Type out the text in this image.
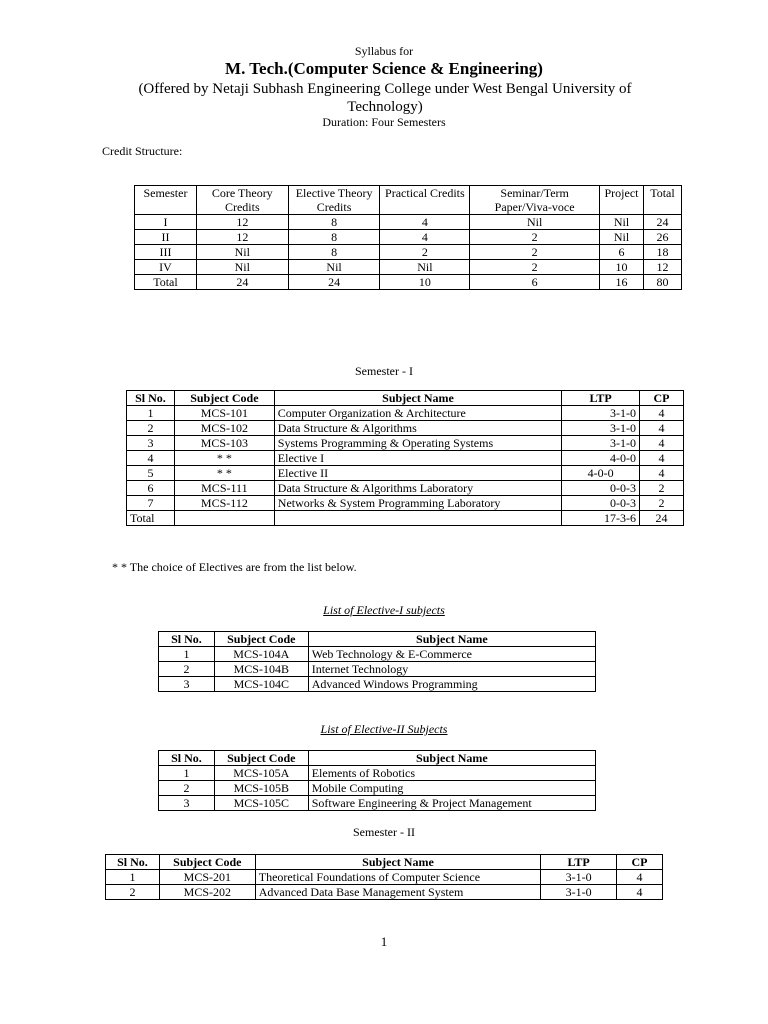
Syllabus for
M. Tech.(Computer Science & Engineering)
(Offered by Netaji Subhash Engineering College under West Bengal University of Technology)
Duration: Four Semesters
Credit Structure:
Semester	Core Theory Credits	Elective Theory Credits	Practical Credits	Seminar/Term Paper/Viva-voce	Project	Total
I	12	8	4	Nil	Nil	24
II	12	8	4	2	Nil	26
III	Nil	8	2	2	6	18
IV	Nil	Nil	Nil	2	10	12
Total	24	24	10	6	16	80
Semester - I
Sl No.	Subject Code	Subject Name	LTP	CP
1	MCS-101	Computer Organization & Architecture	3-1-0	4
2	MCS-102	Data Structure & Algorithms	3-1-0	4
3	MCS-103	Systems Programming & Operating Systems	3-1-0	4
4	* *	Elective I	4-0-0	4
5	* *	Elective II	4-0-0	4
6	MCS-111	Data Structure & Algorithms Laboratory	0-0-3	2
7	MCS-112	Networks & System Programming Laboratory	0-0-3	2
Total			17-3-6	24
* * The choice of Electives are from the list below.
List of Elective-I subjects
Sl No.	Subject Code	Subject Name
1	MCS-104A	Web Technology & E-Commerce
2	MCS-104B	Internet Technology
3	MCS-104C	Advanced Windows Programming
List of Elective-II Subjects
Sl No.	Subject Code	Subject Name
1	MCS-105A	Elements of Robotics
2	MCS-105B	Mobile Computing
3	MCS-105C	Software Engineering & Project Management
Semester - II
Sl No.	Subject Code	Subject Name	LTP	CP
1	MCS-201	Theoretical Foundations of Computer Science	3-1-0	4
2	MCS-202	Advanced Data Base Management System	3-1-0	4
1
